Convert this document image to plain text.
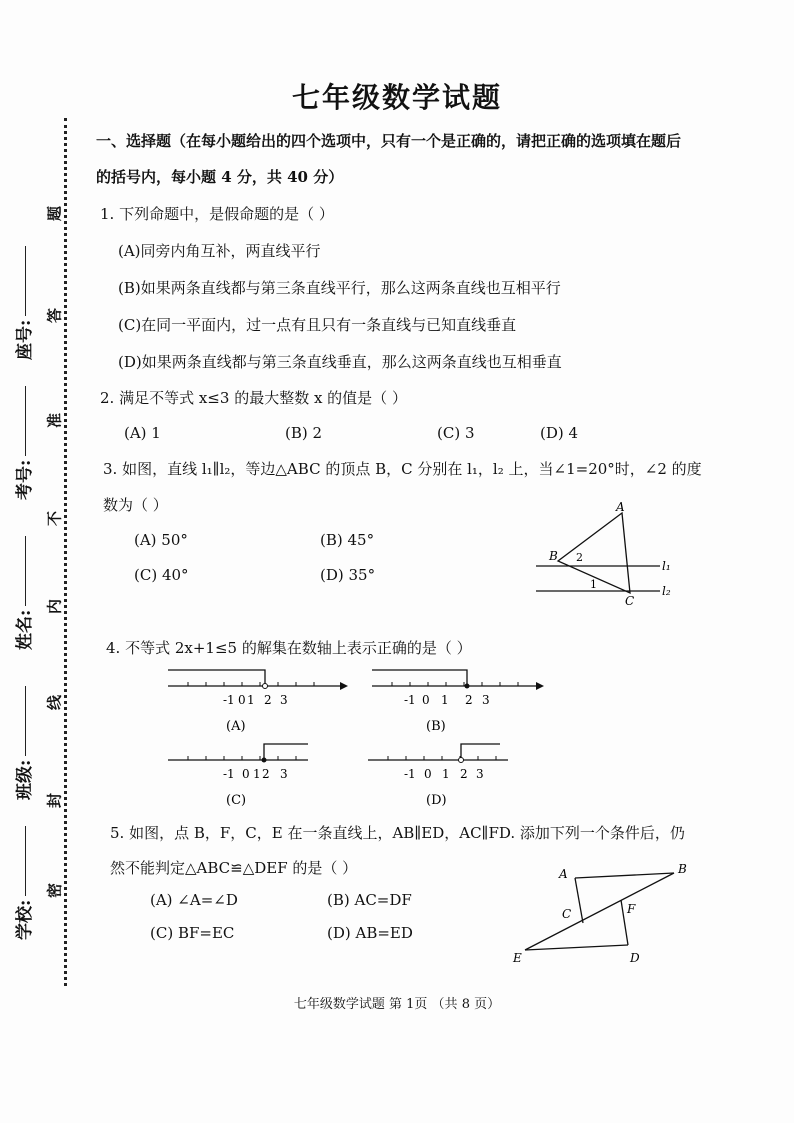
题
答
准
不
内
线
封
密
座号:
考号:
姓名:
班级:
学校:
七年级数学试题
一、选择题（在每小题给出的四个选项中，只有一个是正确的，请把正确的选项填在题后
的括号内，每小题 4 分，共 40 分）
1. 下列命题中，是假命题的是（ ）
(A)同旁内角互补，两直线平行
(B)如果两条直线都与第三条直线平行，那么这两条直线也互相平行
(C)在同一平面内，过一点有且只有一条直线与已知直线垂直
(D)如果两条直线都与第三条直线垂直，那么这两条直线也互相垂直
2. 满足不等式 x≤3 的最大整数 x 的值是（ ）
(A) 1	(B) 2	(C) 3	(D) 4
3. 如图，直线 l₁∥l₂，等边△ABC 的顶点 B，C 分别在 l₁，l₂ 上，当∠1=20°时，∠2 的度
数为（ ）
(A) 50°	(B) 45°
(C) 40°	(D) 35°
A
B
C
2
1
l₁
l₂
4. 不等式 2x+1≤5 的解集在数轴上表示正确的是（ ）
-1 0 1 2 3
(A)
-1 0 1 2 3
(B)
-1 0 1 2 3
(C)
-1 0 1 2 3
(D)
5. 如图，点 B，F，C，E 在一条直线上，AB∥ED，AC∥FD. 添加下列一个条件后，仍
然不能判定△ABC≌△DEF 的是（ ）
(A) ∠A=∠D	(B) AC=DF
(C) BF=EC	(D) AB=ED
A	B
C
D
E
F
七年级数学试题 第 1页 （共 8 页）
